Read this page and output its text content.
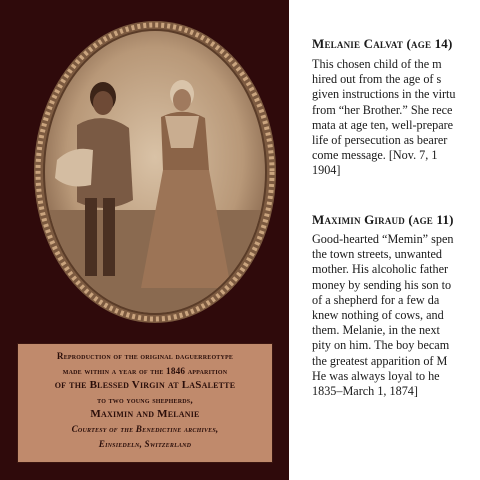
Reproduction of the original daguerreotype
made within a year of the 1846 apparition
of the Blessed Virgin at LaSalette
to two young shepherds,
Maximin and Melanie
Courtesy of the Benedictine archives,
Einsiedeln, Switzerland
Melanie Calvat (age 14)
This chosen child of the m
hired out from the age of s
given instructions in the virtu
from “her Brother.” She rece
mata at age ten, well-prepare
life of persecution as bearer
come message. [Nov. 7, 1
1904]
Maximin Giraud (age 11)
Good-hearted “Memin” spen
the town streets, unwanted
mother. His alcoholic father
money by sending his son to
of a shepherd for a few da
knew nothing of cows, and
them. Melanie, in the next
pity on him. The boy becam
the greatest apparition of M
He was always loyal to he
1835–March 1, 1874]
